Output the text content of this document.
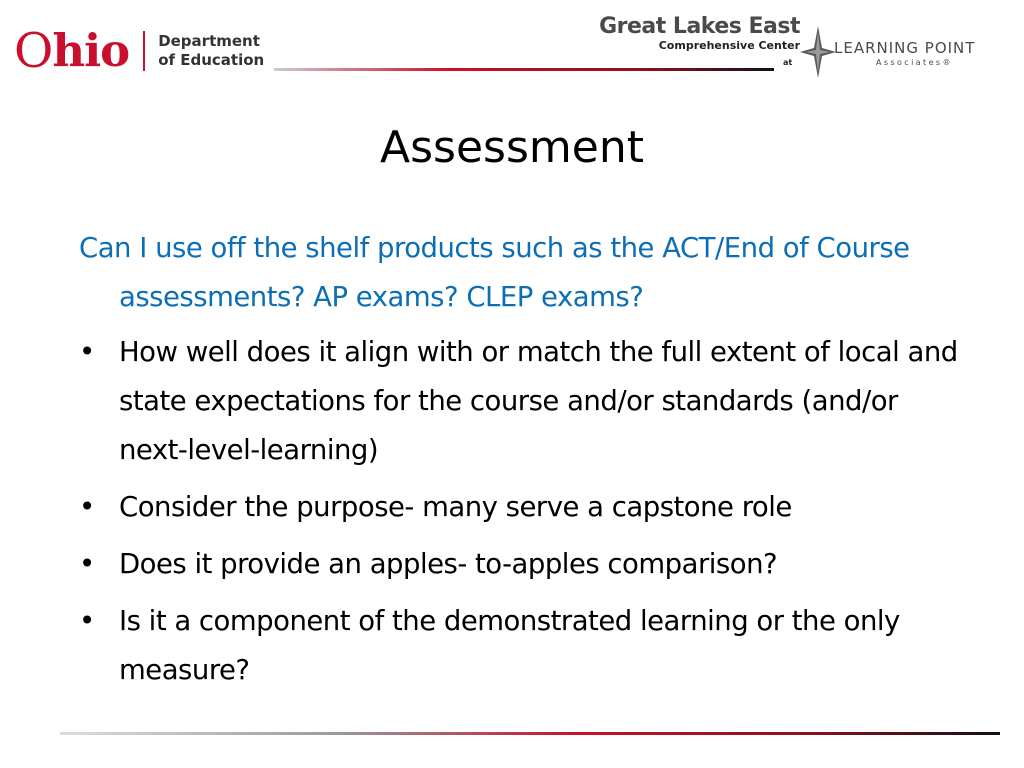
O hio Department
of Education
Great Lakes East
Comprehensive Center
at
LEARNING POINT
Associates®
Assessment

Can I use off the shelf products such as the ACT/End of Course assessments? AP exams? CLEP exams?

• How well does it align with or match the full extent of local and state expectations for the course and/or standards (and/or next-level-learning)
• Consider the purpose- many serve a capstone role
• Does it provide an apples- to-apples comparison?
• Is it a component of the demonstrated learning or the only measure?
